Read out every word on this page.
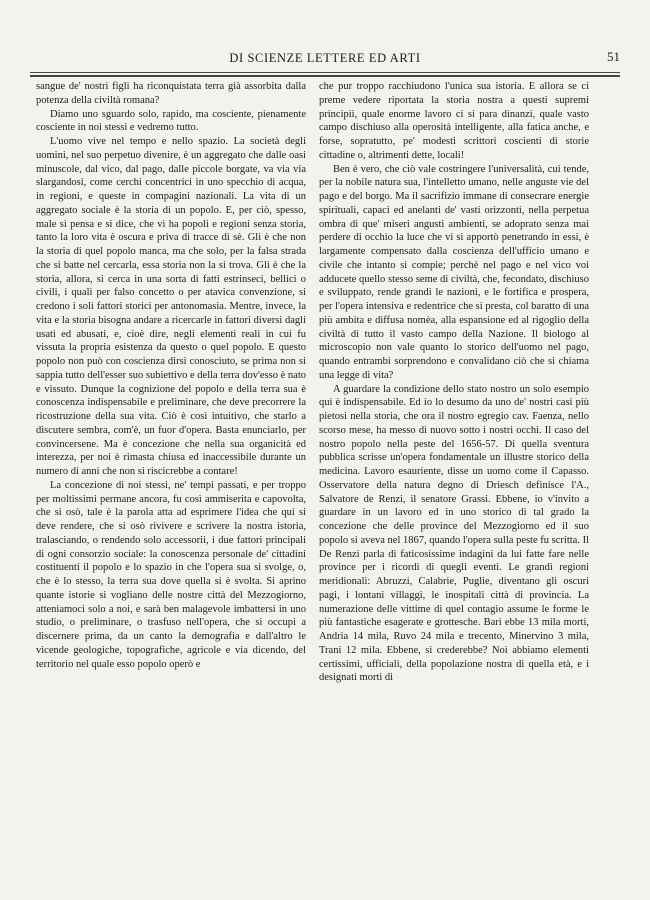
DI SCIENZE LETTERE ED ARTI	51

sangue de' nostri figli ha riconquistata terra già assorbita dalla potenza della civiltà romana?

Diamo uno sguardo solo, rapido, ma cosciente, pienamente cosciente in noi stessi e vedremo tutto.

L'uomo vive nel tempo e nello spazio. La società degli uomini, nel suo perpetuo divenire, è un aggregato che dalle oasi minuscole, dal vico, dal pago, dalle piccole borgate, va via via slargandosi, come cerchi concentrici in uno specchio di acqua, in regioni, e queste in compagini nazionali. La vita di un aggregato sociale è la storia di un popolo. E, per ciò, spesso, male si pensa e si dice, che vi ha popoli e regioni senza storia, tanto la loro vita è oscura e priva di tracce di sè. Gli è che non la storia di quel popolo manca, ma che solo, per la falsa strada che si batte nel cercarla, essa storia non la si trova. Gli è che la storia, allora, si cerca in una sorta di fatti estrinseci, bellici o civili, i quali per falso concetto o per atavica convenzione, si credono i soli fattori storici per antonomasia. Mentre, invece, la vita e la storia bisogna andare a ricercarle in fattori diversi dagli usati ed abusati, e, cioè dire, negli elementi reali in cui fu vissuta la propria esistenza da questo o quel popolo. E questo popolo non può con coscienza dirsi conosciuto, se prima non si sappia tutto dell'esser suo subiettivo e della terra dov'esso è nato e vissuto. Dunque la cognizione del popolo e della terra sua è conoscenza indispensabile e preliminare, che deve precorrere la ricostruzione della sua vita. Ciò è così intuitivo, che starlo a discutere sembra, com'è, un fuor d'opera. Basta enunciarlo, per convincersene. Ma è concezione che nella sua organicità ed interezza, per noi è rimasta chiusa ed inaccessibile durante un numero di anni che non si riscicrebbe a contare!

La concezione di noi stessi, ne' tempi passati, e per troppo per moltissimi permane ancora, fu così ammiserita e capovolta, che si osò, tale è la parola atta ad esprimere l'idea che qui si deve rendere, che si osò rivivere e scrivere la nostra istoria, tralasciando, o rendendo solo accessorii, i due fattori principali di ogni consorzio sociale: la conoscenza personale de' cittadini costituenti il popolo e lo spazio in che l'opera sua si svolge, o, che è lo stesso, la terra sua dove quella si è svolta. Si aprino quante istorie si vogliano delle nostre città del Mezzogiorno, atteniamoci solo a noi, e sarà ben malagevole imbattersi in uno studio, o preliminare, o trasfuso nell'opera, che si occupi a discernere prima, da un canto la demografia e dall'altro le vicende geologiche, topografiche, agricole e via dicendo, del territorio nel quale esso popolo operò e

che pur troppo racchiudono l'unica sua istoria. E allora se ci preme vedere riportata la storia nostra a questi supremi principii, quale enorme lavoro ci si para dinanzi, quale vasto campo dischiuso alla operosità intelligente, alla fatica anche, e forse, sopratutto, pe' modesti scrittori coscienti di storie cittadine o, altrimenti dette, locali!

Ben è vero, che ciò vale costringere l'universalità, cui tende, per la nobile natura sua, l'intelletto umano, nelle anguste vie del pago e del borgo. Ma il sacrifizio immane di consecrare energie spirituali, capaci ed anelanti de' vasti orizzonti, nella perpetua ombra di que' miseri angusti ambienti, se adoprato senza mai perdere di occhio la luce che vi si apportò penetrando in essi, è largamente compensato dalla coscienza dell'ufficio umano e civile che intanto si compie; perchè nel pago e nel vico voi adducete quello stesso seme di civiltà, che, fecondato, dischiuso e sviluppato, rende grandi le nazioni, e le fortifica e prospera, per l'opera intensiva e redentrice che si presta, col baratto di una più ambita e diffusa nomèa, alla espansione ed al rigoglio della civiltà di tutto il vasto campo della Nazione. Il biologo al microscopio non vale quanto lo storico dell'uomo nel pago, quando entrambi sorprendono e convalidano ciò che si chiama una legge di vita?

A guardare la condizione dello stato nostro un solo esempio qui è indispensabile. Ed io lo desumo da uno de' nostri casi più pietosi nella storia, che ora il nostro egregio cav. Faenza, nello scorso mese, ha messo di nuovo sotto i nostri occhi. Il caso del nostro popolo nella peste del 1656-57. Di quella sventura pubblica scrisse un'opera fondamentale un illustre storico della medicina. Lavoro esauriente, disse un uomo come il Capasso. Osservatore della natura degno di Driesch definisce l'A., Salvatore de Renzi, il senatore Grassi. Ebbene, io v'invito a guardare in un lavoro ed in uno storico di tal grado la concezione che delle province del Mezzogiorno ed il suo popolo si aveva nel 1867, quando l'opera sulla peste fu scritta. Il De Renzi parla di faticosissime indagini da lui fatte fare nelle province per i ricordi di quegli eventi. Le grandi regioni meridionali: Abruzzi, Calabrie, Puglie, diventano gli oscuri pagi, i lontani villaggi, le inospitali città di provincia. La numerazione delle vittime di quel contagio assume le forme le più fantastiche esagerate e grottesche. Bari ebbe 13 mila morti, Andria 14 mila, Ruvo 24 mila e trecento, Minervino 3 mila, Trani 12 mila. Ebbene, si crederebbe? Noi abbiamo elementi certissimi, ufficiali, della popolazione nostra di quella età, e i designati morti di
